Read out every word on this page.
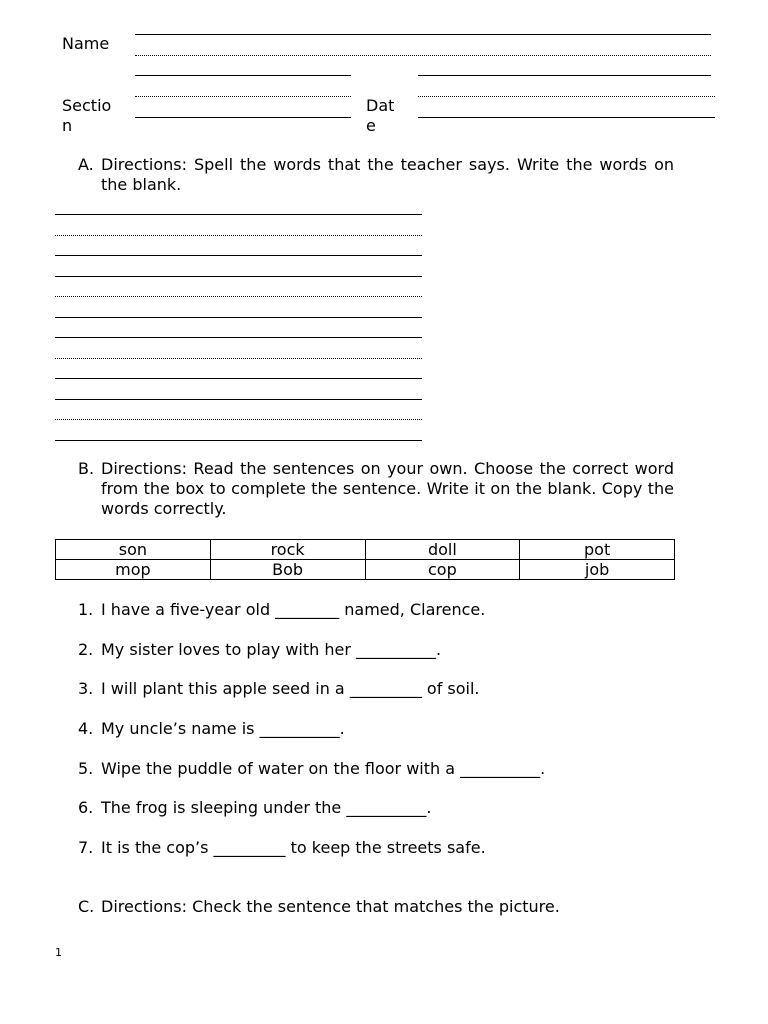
Name
Sectio
n
Dat
e
A. Directions: Spell the words that the teacher says. Write the words on the blank.
B. Directions: Read the sentences on your own. Choose the correct word from the box to complete the sentence. Write it on the blank. Copy the words correctly.
son	rock	doll	pot
mop	Bob	cop	job
1. I have a five-year old ________ named, Clarence.
2. My sister loves to play with her __________.
3. I will plant this apple seed in a _________ of soil.
4. My uncle’s name is __________.
5. Wipe the puddle of water on the floor with a __________.
6. The frog is sleeping under the __________.
7. It is the cop’s _________ to keep the streets safe.
C. Directions: Check the sentence that matches the picture.
1
